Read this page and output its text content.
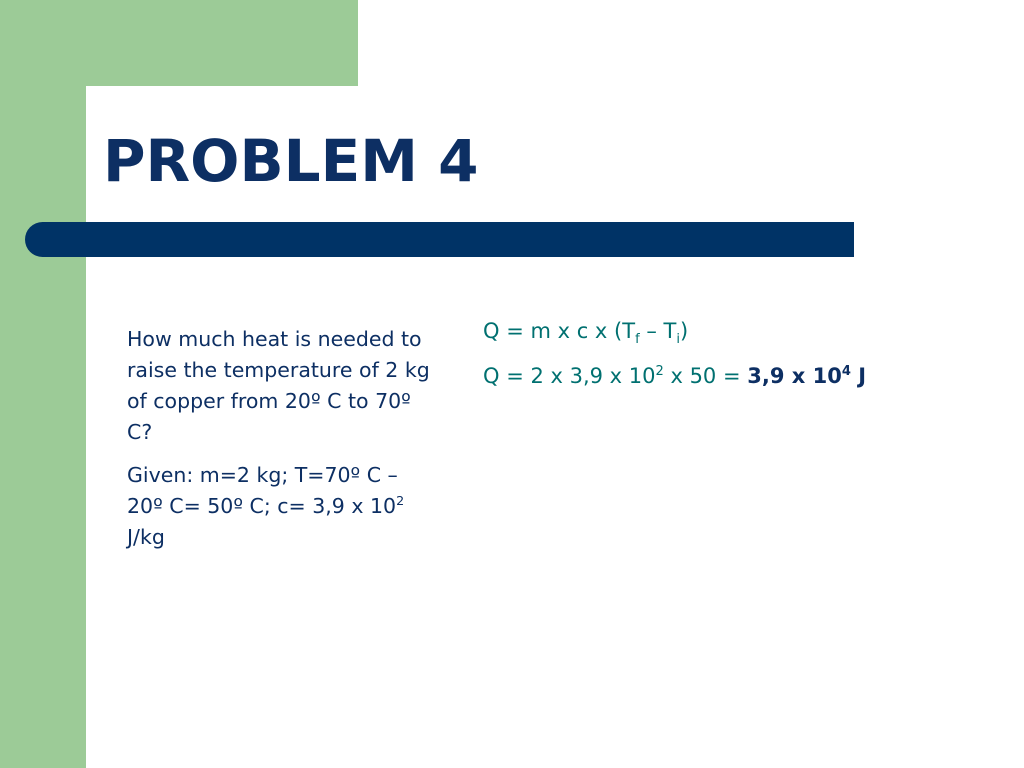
PROBLEM 4

How much heat is needed to raise the temperature of 2 kg of copper from 20º C to 70º C?

Given: m=2 kg; T=70º C – 20º C= 50º C; c= 3,9 x $10^2$ J/kg

Q = m x c x $(T_f - T_i)$

Q = 2 x 3,9 x $10^2$ x 50 = 3,9 x $10^4$ J
